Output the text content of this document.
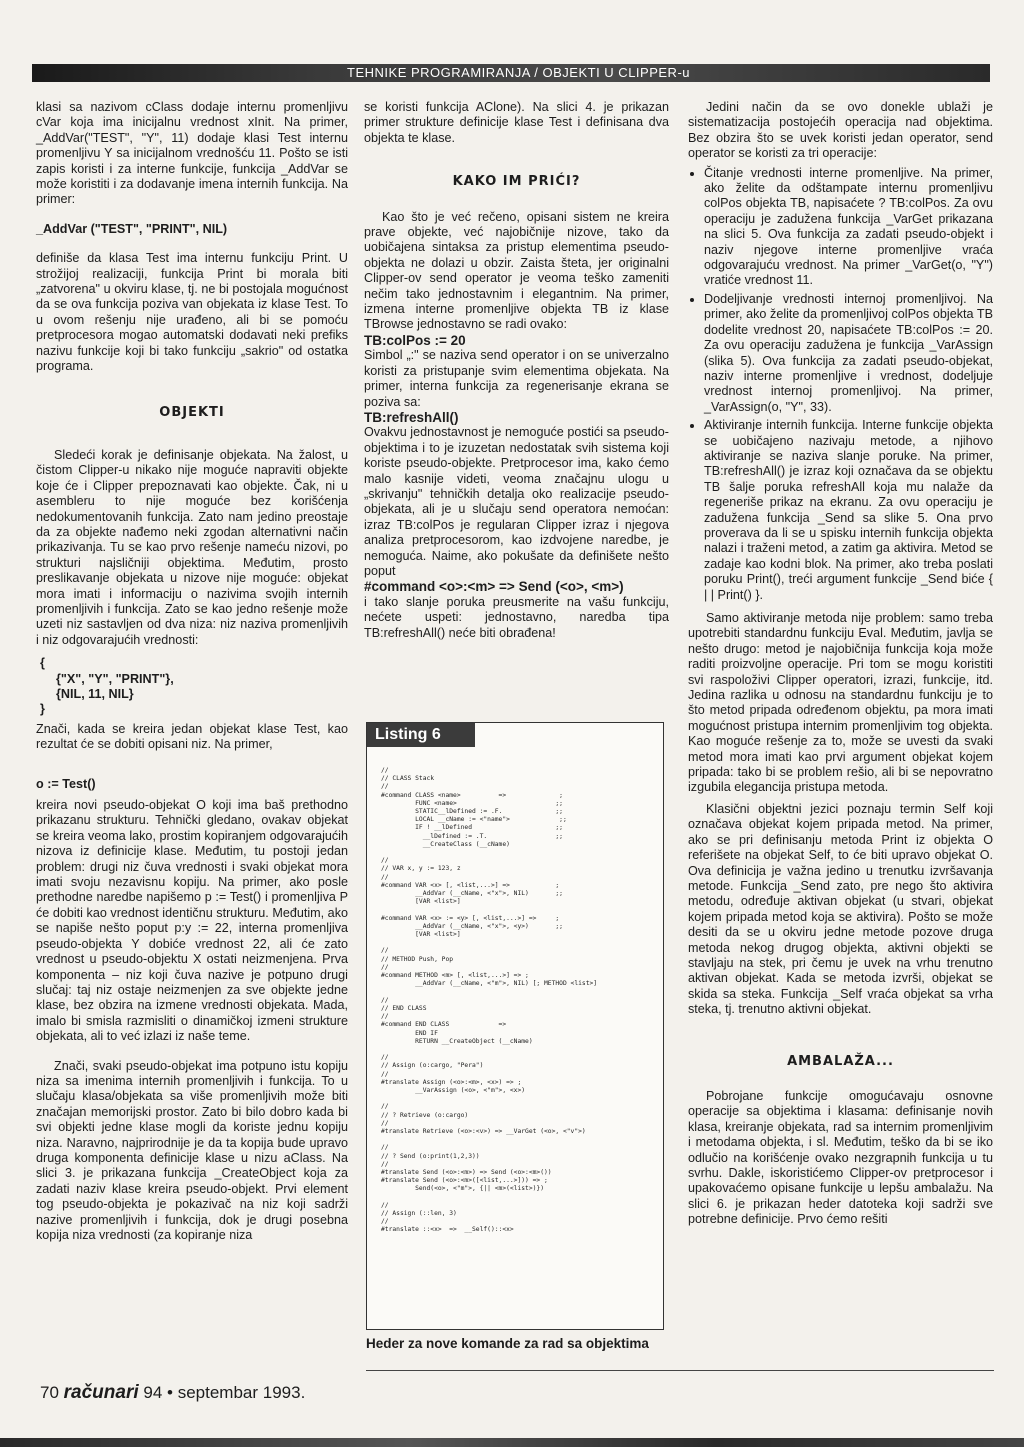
TEHNIKE PROGRAMIRANJA / OBJEKTI U CLIPPER-u

klasi sa nazivom cClass dodaje internu promenljivu cVar koja ima inicijalnu vrednost xInit. Na primer, _AddVar("TEST", "Y", 11) dodaje klasi Test internu promenljivu Y sa inicijalnom vrednošću 11. Pošto se isti zapis koristi i za interne funkcije, funkcija _AddVar se može koristiti i za dodavanje imena internih funkcija. Na primer:

_AddVar ("TEST", "PRINT", NIL)

definiše da klasa Test ima internu funkciju Print. U strožijoj realizaciji, funkcija Print bi morala biti „zatvorena" u okviru klase, tj. ne bi postojala mogućnost da se ova funkcija poziva van objekata iz klase Test. To u ovom rešenju nije urađeno, ali bi se pomoću pretprocesora mogao automatski dodavati neki prefiks nazivu funkcije koji bi tako funkciju „sakrio" od ostatka programa.

OBJEKTI

Sledeći korak je definisanje objekata. Na žalost, u čistom Clipper-u nikako nije moguće napraviti objekte koje će i Clipper prepoznavati kao objekte. Čak, ni u asembleru to nije moguće bez korišćenja nedokumentovanih funkcija. Zato nam jedino preostaje da za objekte nađemo neki zgodan alternativni način prikazivanja. Tu se kao prvo rešenje nameću nizovi, po strukturi najsličniji objektima. Međutim, prosto preslikavanje objekata u nizove nije moguće: objekat mora imati i informaciju o nazivima svojih internih promenljivih i funkcija. Zato se kao jedno rešenje može uzeti niz sastavljen od dva niza: niz naziva promenljivih i niz odgovarajućih vrednosti:

{
{"X", "Y", "PRINT"},
{NIL, 11, NIL}
}

Znači, kada se kreira jedan objekat klase Test, kao rezultat će se dobiti opisani niz. Na primer,

o := Test()

kreira novi pseudo-objekat O koji ima baš prethodno prikazanu strukturu. Tehnički gledano, ovakav objekat se kreira veoma lako, prostim kopiranjem odgovarajućih nizova iz definicije klase. Međutim, tu postoji jedan problem: drugi niz čuva vrednosti i svaki objekat mora imati svoju nezavisnu kopiju. Na primer, ako posle prethodne naredbe napišemo p := Test() i promenljiva P će dobiti kao vrednost identičnu strukturu. Međutim, ako se napiše nešto poput p:y := 22, interna promenljiva pseudo-objekta Y dobiće vrednost 22, ali će zato vrednost u pseudo-objektu X ostati neizmenjena. Prva komponenta – niz koji čuva nazive je potpuno drugi slučaj: taj niz ostaje neizmenjen za sve objekte jedne klase, bez obzira na izmene vrednosti objekata. Mada, imalo bi smisla razmisliti o dinamičkoj izmeni strukture objekata, ali to već izlazi iz naše teme.

Znači, svaki pseudo-objekat ima potpuno istu kopiju niza sa imenima internih promenljivih i funkcija. To u slučaju klasa/objekata sa više promenljivih može biti značajan memorijski prostor. Zato bi bilo dobro kada bi svi objekti jedne klase mogli da koriste jednu kopiju niza. Naravno, najprirodnije je da ta kopija bude upravo druga komponenta definicije klase u nizu aClass. Na slici 3. je prikazana funkcija _CreateObject koja za zadati naziv klase kreira pseudo-objekt. Prvi element tog pseudo-objekta je pokazivač na niz koji sadrži nazive promenljivih i funkcija, dok je drugi posebna kopija niza vrednosti (za kopiranje niza

se koristi funkcija AClone). Na slici 4. je prikazan primer strukture definicije klase Test i definisana dva objekta te klase.

KAKO IM PRIĆI?

Kao što je već rečeno, opisani sistem ne kreira prave objekte, već najobičnije nizove, tako da uobičajena sintaksa za pristup elementima pseudo-objekta ne dolazi u obzir. Zaista šteta, jer originalni Clipper-ov send operator je veoma teško zameniti nečim tako jednostavnim i elegantnim. Na primer, izmena interne promenljive objekta TB iz klase TBrowse jednostavno se radi ovako:

TB:colPos := 20

Simbol „:" se naziva send operator i on se univerzalno koristi za pristupanje svim elementima objekata. Na primer, interna funkcija za regenerisanje ekrana se poziva sa:

TB:refreshAll()

Ovakvu jednostavnost je nemoguće postići sa pseudo-objektima i to je izuzetan nedostatak svih sistema koji koriste pseudo-objekte. Pretprocesor ima, kako ćemo malo kasnije videti, veoma značajnu ulogu u „skrivanju" tehničkih detalja oko realizacije pseudo-objekata, ali je u slučaju send operatora nemoćan: izraz TB:colPos je regularan Clipper izraz i njegova analiza pretprocesorom, kao izdvojene naredbe, je nemoguća. Naime, ako pokušate da definišete nešto poput

#command <o>:<m> => Send (<o>, <m>)

i tako slanje poruka preusmerite na vašu funkciju, nećete uspeti: jednostavno, naredba tipa TB:refreshAll() neće biti obrađena!

Listing 6
//
// CLASS Stack
//
#command CLASS <name>          =>              ;
FUNC <name>                          ;;
STATIC__lDefined := .F.              ;;
LOCAL __cName := <"name">             ;;
IF ! __lDefined                      ;;
__lDefined := .T.                  ;;
__CreateClass (__cName)

//
// VAR x, y := 123, z
//
#command VAR <x> [, <list,...>] =>            ;
__AddVar (__cName, <"x">, NIL)       ;;
[VAR <list>]

#command VAR <x> := <y> [, <list,...>] =>     ;
__AddVar (__cName, <"x">, <y>)       ;;
[VAR <list>]

//
// METHOD Push, Pop
//
#command METHOD <m> [, <list,...>] => ;
__AddVar (__cName, <"m">, NIL) [; METHOD <list>]

//
// END CLASS
//
#command END CLASS             =>
END IF
RETURN __CreateObject (__cName)

//
// Assign (o:cargo, "Pera")
//
#translate Assign (<o>:<m>, <x>) => ;
__VarAssign (<o>, <"m">, <x>)

//
// ? Retrieve (o:cargo)
//
#translate Retrieve (<o>:<v>) => __VarGet (<o>, <"v">)

//
// ? Send (o:print(1,2,3))
//
#translate Send (<o>:<m>) => Send (<o>:<m>())
#translate Send (<o>:<m>([<list,...>])) => ;
Send(<o>, <"m">, {|| <m>(<list>)})

//
// Assign (::len, 3)
//
#translate ::<x>  =>  __Self()::<x>
Heder za nove komande za rad sa objektima

Jedini način da se ovo donekle ublaži je sistematizacija postojećih operacija nad objektima. Bez obzira što se uvek koristi jedan operator, send operator se koristi za tri operacije:

• Čitanje vrednosti interne promenljive. Na primer, ako želite da odštampate internu promenljivu colPos objekta TB, napisaćete ? TB:colPos. Za ovu operaciju je zadužena funkcija _VarGet prikazana na slici 5. Ova funkcija za zadati pseudo-objekt i naziv njegove interne promenljive vraća odgovarajuću vrednost. Na primer _VarGet(o, "Y") vratiće vrednost 11.
• Dodeljivanje vrednosti internoj promenljivoj. Na primer, ako želite da promenljivoj colPos objekta TB dodelite vrednost 20, napisaćete TB:colPos := 20. Za ovu operaciju zadužena je funkcija _VarAssign (slika 5). Ova funkcija za zadati pseudo-objekat, naziv interne promenljive i vrednost, dodeljuje vrednost internoj promenljivoj. Na primer, _VarAssign(o, "Y", 33).
• Aktiviranje internih funkcija. Interne funkcije objekta se uobičajeno nazivaju metode, a njihovo aktiviranje se naziva slanje poruke. Na primer, TB:refreshAll() je izraz koji označava da se objektu TB šalje poruka refreshAll koja mu nalaže da regeneriše prikaz na ekranu. Za ovu operaciju je zadužena funkcija _Send sa slike 5. Ona prvo proverava da li se u spisku internih funkcija objekta nalazi i traženi metod, a zatim ga aktivira. Metod se zadaje kao kodni blok. Na primer, ako treba poslati poruku Print(), treći argument funkcije _Send biće { | | Print() }.

Samo aktiviranje metoda nije problem: samo treba upotrebiti standardnu funkciju Eval. Međutim, javlja se nešto drugo: metod je najobičnija funkcija koja može raditi proizvoljne operacije. Pri tom se mogu koristiti svi raspoloživi Clipper operatori, izrazi, funkcije, itd. Jedina razlika u odnosu na standardnu funkciju je to što metod pripada određenom objektu, pa mora imati mogućnost pristupa internim promenljivim tog objekta. Kao moguće rešenje za to, može se uvesti da svaki metod mora imati kao prvi argument objekat kojem pripada: tako bi se problem rešio, ali bi se nepovratno izgubila elegancija pristupa metoda.

Klasični objektni jezici poznaju termin Self koji označava objekat kojem pripada metod. Na primer, ako se pri definisanju metoda Print iz objekta O referišete na objekat Self, to će biti upravo objekat O. Ova definicija je važna jedino u trenutku izvršavanja metode. Funkcija _Send zato, pre nego što aktivira metodu, određuje aktivan objekat (u stvari, objekat kojem pripada metod koja se aktivira). Pošto se može desiti da se u okviru jedne metode pozove druga metoda nekog drugog objekta, aktivni objekti se stavljaju na stek, pri čemu je uvek na vrhu trenutno aktivan objekat. Kada se metoda izvrši, objekat se skida sa steka. Funkcija _Self vraća objekat sa vrha steka, tj. trenutno aktivni objekat.

AMBALAŽA...

Pobrojane funkcije omogućavaju osnovne operacije sa objektima i klasama: definisanje novih klasa, kreiranje objekata, rad sa internim promenljivim i metodama objekta, i sl. Međutim, teško da bi se iko odlučio na korišćenje ovako nezgrapnih funkcija u tu svrhu. Dakle, iskoristićemo Clipper-ov pretprocesor i upakovaćemo opisane funkcije u lepšu ambalažu. Na slici 6. je prikazan heder datoteka koji sadrži sve potrebne definicije. Prvo ćemo rešiti

70 računari 94 • septembar 1993.
